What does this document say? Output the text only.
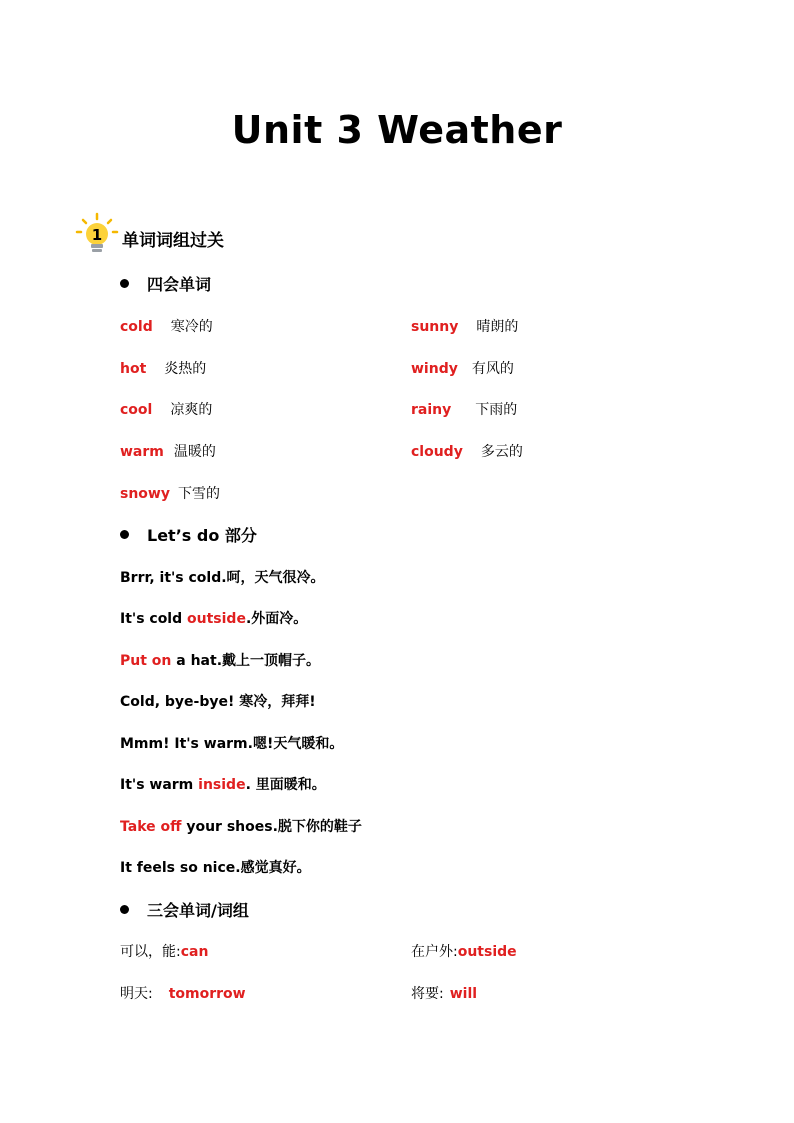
Unit 3 Weather
1 单词词组过关
四会单词
cold 寒冷的	sunny 晴朗的
hot 炎热的	windy 有风的
cool 凉爽的	rainy 下雨的
warm 温暖的	cloudy 多云的
snowy 下雪的
Let’s do 部分
Brrr, it's cold.呵，天气很冷。
It's cold outside.外面冷。
Put on a hat.戴上一顶帽子。
Cold, bye-bye! 寒冷，拜拜!
Mmm! It's warm.嗯!天气暖和。
It's warm inside. 里面暖和。
Take off your shoes.脱下你的鞋子
It feels so nice.感觉真好。
三会单词/词组
可以，能:can	在户外:outside
明天: tomorrow	将要: will
